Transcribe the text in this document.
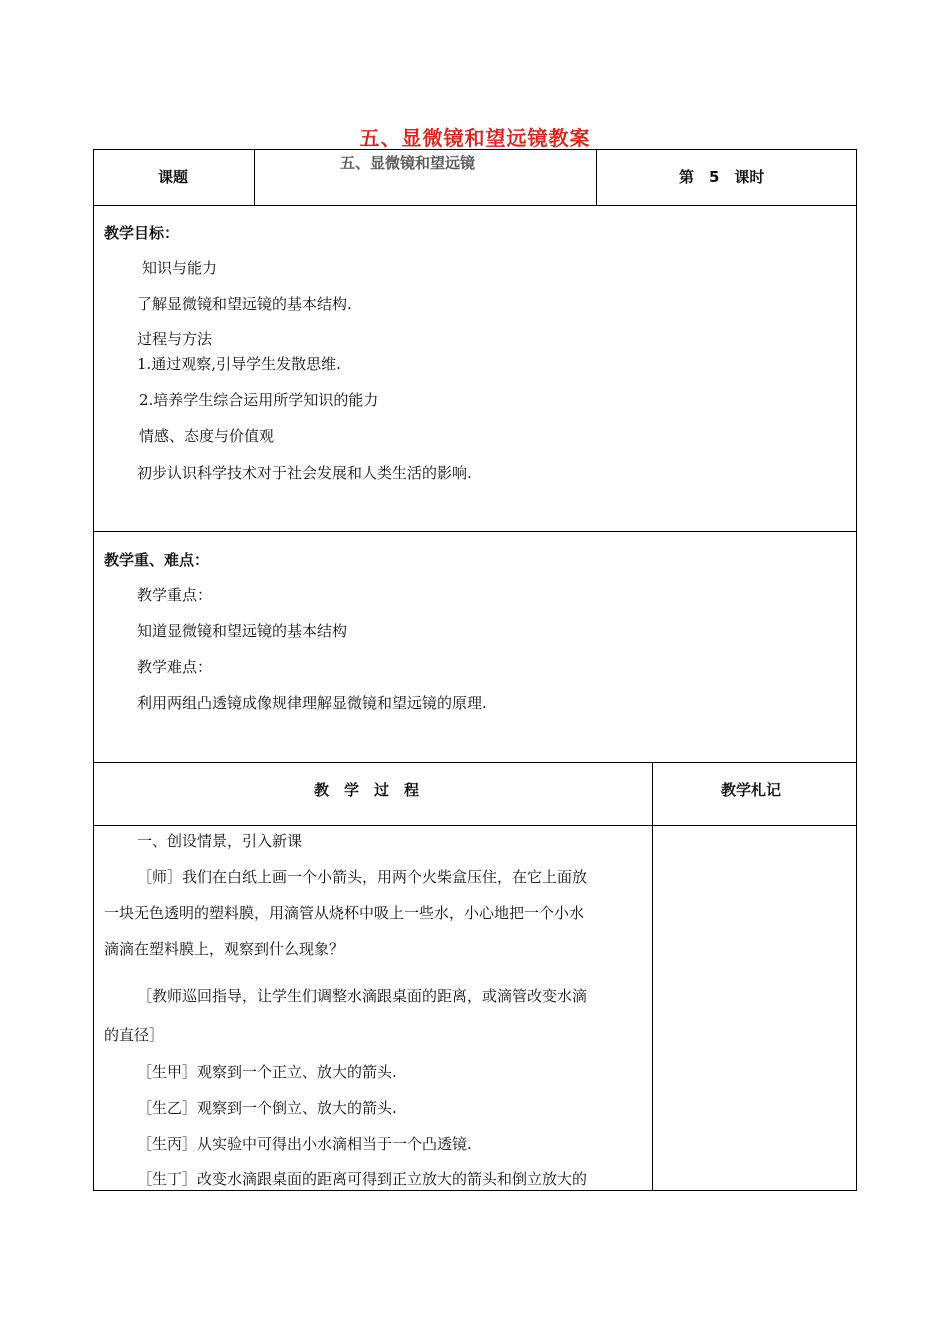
五、显微镜和望远镜教案
课题
五、显微镜和望远镜
第　5　课时
教学目标：
知识与能力
了解显微镜和望远镜的基本结构.
过程与方法
1.通过观察,引导学生发散思维.
2.培养学生综合运用所学知识的能力
情感、态度与价值观
初步认识科学技术对于社会发展和人类生活的影响.
教学重、难点：
教学重点：
知道显微镜和望远镜的基本结构
教学难点：
利用两组凸透镜成像规律理解显微镜和望远镜的原理.
教　学　过　程	教学札记
一、创设情景，引入新课
［师］我们在白纸上画一个小箭头，用两个火柴盒压住，在它上面放
一块无色透明的塑料膜，用滴管从烧杯中吸上一些水，小心地把一个小水
滴滴在塑料膜上，观察到什么现象？
［教师巡回指导，让学生们调整水滴跟桌面的距离，或滴管改变水滴
的直径］
［生甲］观察到一个正立、放大的箭头.
［生乙］观察到一个倒立、放大的箭头.
［生丙］从实验中可得出小水滴相当于一个凸透镜.
［生丁］改变水滴跟桌面的距离可得到正立放大的箭头和倒立放大的
